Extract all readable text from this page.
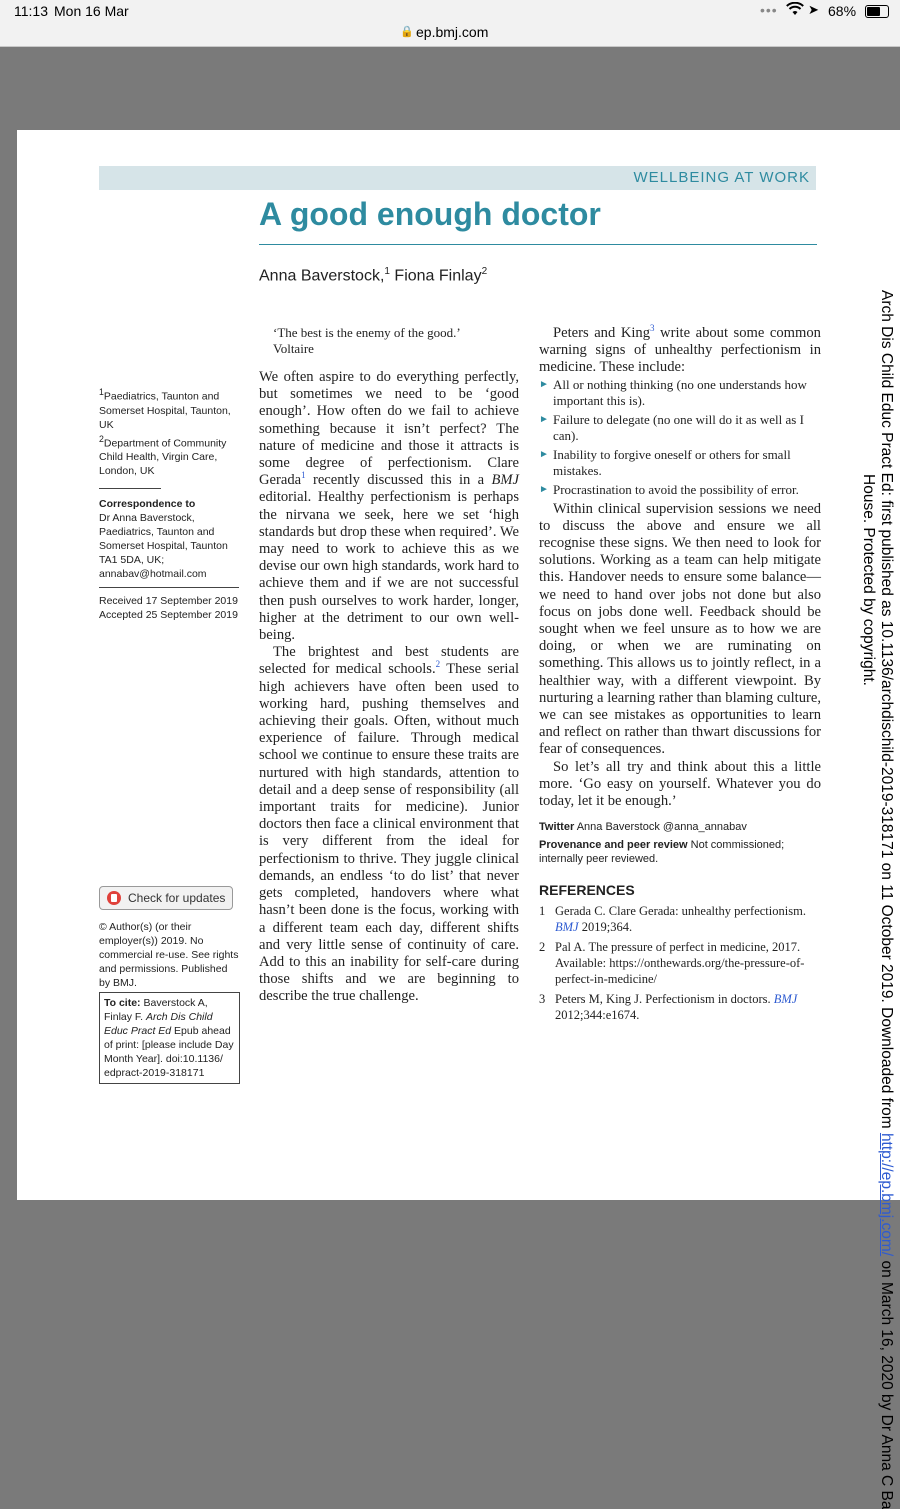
11:13 Mon 16 Mar	••• ➤ 68%
🔒 ep.bmj.com
WELLBEING AT WORK
A good enough doctor
Anna Baverstock,$^1$ Fiona Finlay$^2$

$^1$Paediatrics, Taunton and Somerset Hospital, Taunton, UK

$^2$Department of Community Child Health, Virgin Care, London, UK

Correspondence to

Dr Anna Baverstock, Paediatrics, Taunton and Somerset Hospital, Taunton TA1 5DA, UK; annabav@hotmail.com

Received 17 September 2019

Accepted 25 September 2019

Check for updates

© Author(s) (or their employer(s)) 2019. No commercial re-use. See rights and permissions. Published by BMJ.

To cite: Baverstock A, Finlay F. Arch Dis Child Educ Pract Ed Epub ahead of print: [please include Day Month Year]. doi:10.1136/ edpract-2019-318171

‘The best is the enemy of the good.’
Voltaire

We often aspire to do everything perfectly, but sometimes we need to be ‘good enough’. How often do we fail to achieve something because it isn’t perfect? The nature of medicine and those it attracts is some degree of perfectionism. Clare Gerada$^1$ recently discussed this in a BMJ editorial. Healthy perfectionism is perhaps the nirvana we seek, here we set ‘high standards but drop these when required’. We may need to work to achieve this as we devise our own high standards, work hard to achieve them and if we are not successful then push ourselves to work harder, longer, higher at the detriment to our own well-being.

The brightest and best students are selected for medical schools.$^2$ These serial high achievers have often been used to working hard, pushing themselves and achieving their goals. Often, without much experience of failure. Through medical school we continue to ensure these traits are nurtured with high standards, attention to detail and a deep sense of responsibility (all important traits for medicine). Junior doctors then face a clinical environment that is very different from the ideal for perfectionism to thrive. They juggle clinical demands, an endless ‘to do list’ that never gets completed, handovers where what hasn’t been done is the focus, working with a different team each day, different shifts and very little sense of continuity of care. Add to this an inability for self-care during those shifts and we are beginning to describe the true challenge.

Peters and King$^3$ write about some common warning signs of unhealthy perfectionism in medicine. These include:

► All or nothing thinking (no one understands how important this is).
► Failure to delegate (no one will do it as well as I can).
► Inability to forgive oneself or others for small mistakes.
► Procrastination to avoid the possibility of error.

Within clinical supervision sessions we need to discuss the above and ensure we all recognise these signs. We then need to look for solutions. Working as a team can help mitigate this. Handover needs to ensure some balance—we need to hand over jobs not done but also focus on jobs done well. Feedback should be sought when we feel unsure as to how we are doing, or when we are ruminating on something. This allows us to jointly reflect, in a healthier way, with a different viewpoint. By nurturing a learning rather than blaming culture, we can see mistakes as opportunities to learn and reflect on rather than thwart discussions for fear of consequences.

So let’s all try and think about this a little more. ‘Go easy on yourself. Whatever you do today, let it be enough.’

Twitter Anna Baverstock @anna_annabav

Provenance and peer review Not commissioned; internally peer reviewed.

REFERENCES

1 Gerada C. Clare Gerada: unhealthy perfectionism. BMJ 2019;364.
2 Pal A. The pressure of perfect in medicine, 2017. Available: https://onthewards.org/the-pressure-of-perfect-in-medicine/
3 Peters M, King J. Perfectionism in doctors. BMJ 2012;344:e1674.	Arch Dis Child Educ Pract Ed: first published as 10.1136/archdischild-2019-318171 on 11 October 2019. Downloaded from http://ep.bmj.com/ on March 16, 2020 by Dr Anna C Ba
House. Protected by copyright.
